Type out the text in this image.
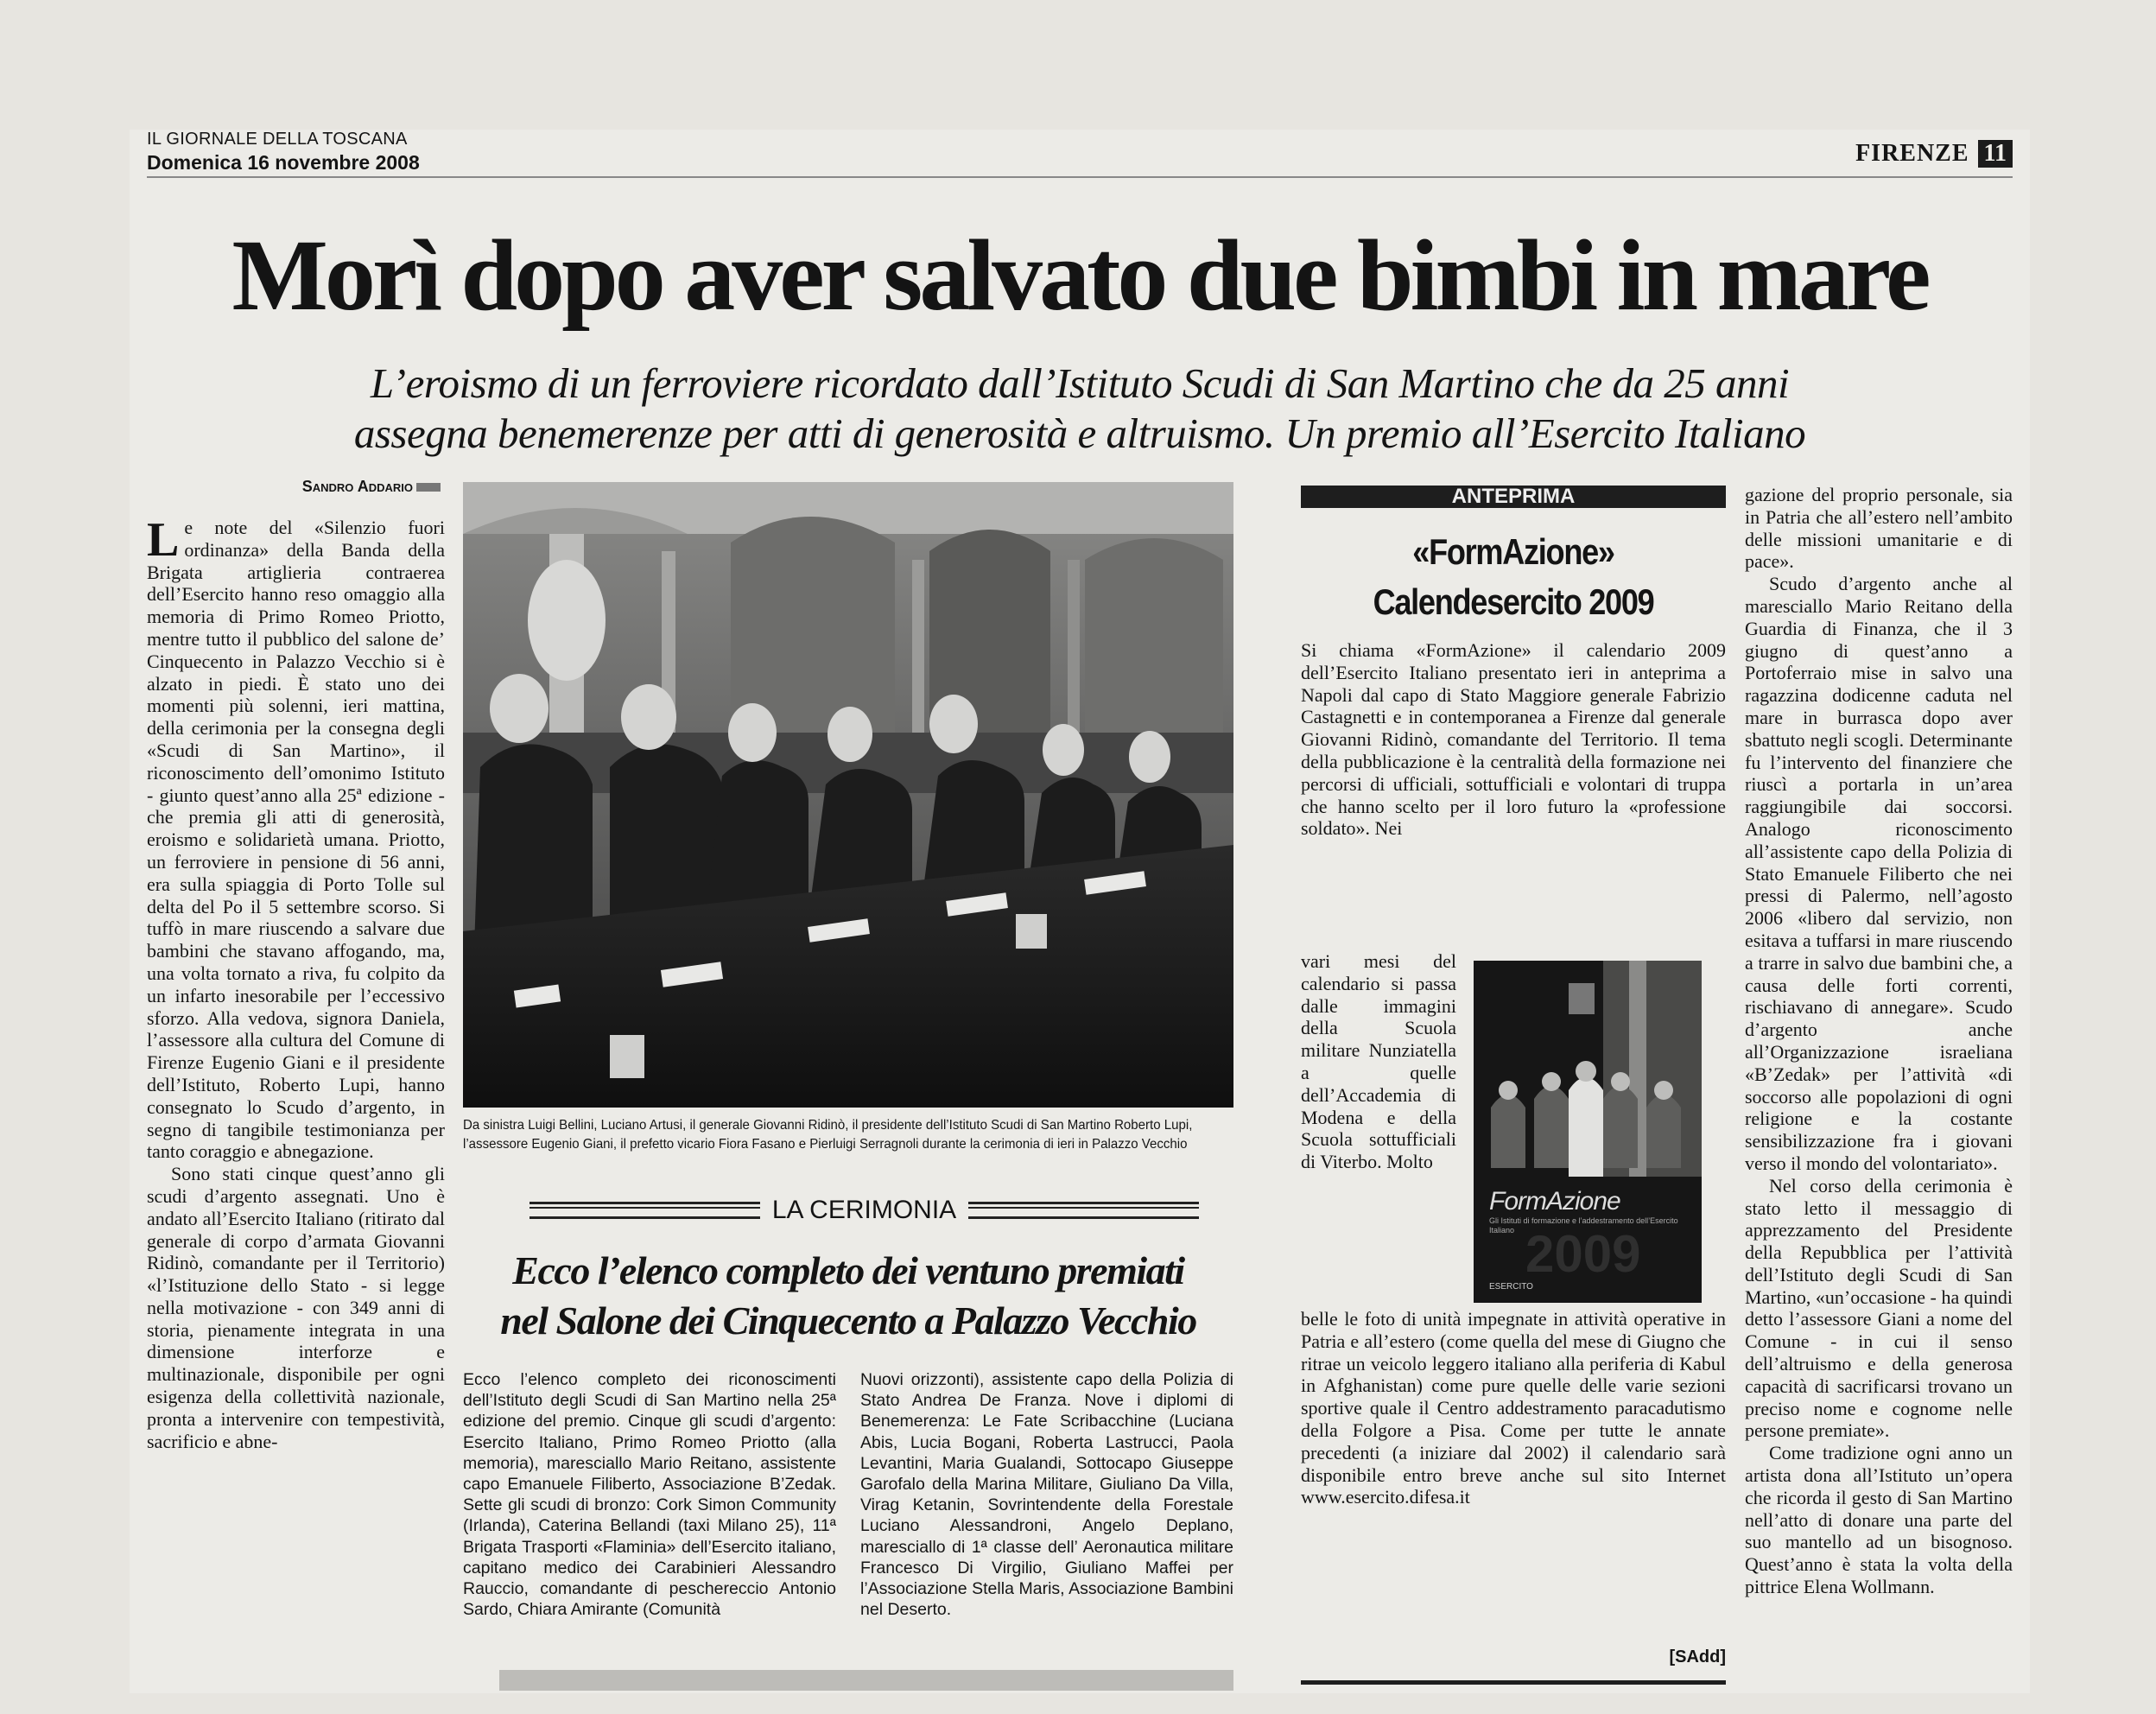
IL GIORNALE DELLA TOSCANA
Domenica 16 novembre 2008	FIRENZE 11
Morì dopo aver salvato due bimbi in mare
L’eroismo di un ferroviere ricordato dall’Istituto Scudi di San Martino che da 25 anni
assegna benemerenze per atti di generosità e altruismo. Un premio all’Esercito Italiano
Sandro Addario

Le note del «Silenzio fuori ordinanza» della Banda della Brigata artiglieria contraerea dell’Esercito hanno reso omaggio alla memoria di Primo Romeo Priotto, mentre tutto il pubblico del salone de’ Cinquecento in Palazzo Vecchio si è alzato in piedi. È stato uno dei momenti più solenni, ieri mattina, della cerimonia per la consegna degli «Scudi di San Martino», il riconoscimento dell’omonimo Istituto - giunto quest’anno alla 25ª edizione - che premia gli atti di generosità, eroismo e solidarietà umana. Priotto, un ferroviere in pensione di 56 anni, era sulla spiaggia di Porto Tolle sul delta del Po il 5 settembre scorso. Si tuffò in mare riuscendo a salvare due bambini che stavano affogando, ma, una volta tornato a riva, fu colpito da un infarto inesorabile per l’eccessivo sforzo. Alla vedova, signora Daniela, l’assessore alla cultura del Comune di Firenze Eugenio Giani e il presidente dell’Istituto, Roberto Lupi, hanno consegnato lo Scudo d’argento, in segno di tangibile testimonianza per tanto coraggio e abnegazione.

Sono stati cinque quest’anno gli scudi d’argento assegnati. Uno è andato all’Esercito Italiano (ritirato dal generale di corpo d’armata Giovanni Ridinò, comandante per il Territorio) «l’Istituzione dello Stato - si legge nella motivazione - con 349 anni di storia, pienamente integrata in una dimensione interforze e multinazionale, disponibile per ogni esigenza della collettività nazionale, pronta a intervenire con tempestività, sacrificio e abne-

Da sinistra Luigi Bellini, Luciano Artusi, il generale Giovanni Ridinò, il presidente dell’Istituto Scudi di San Martino Roberto Lupi, l’assessore Eugenio Giani, il prefetto vicario Fiora Fasano e Pierluigi Serragnoli durante la cerimonia di ieri in Palazzo Vecchio
LA CERIMONIA
Ecco l’elenco completo dei ventuno premiati
nel Salone dei Cinquecento a Palazzo Vecchio

Ecco l’elenco completo dei riconoscimenti dell’Istituto degli Scudi di San Martino nella 25ª edizione del premio. Cinque gli scudi d’argento: Esercito Italiano, Primo Romeo Priotto (alla memoria), maresciallo Mario Reitano, assistente capo Emanuele Filiberto, Associazione B’Zedak. Sette gli scudi di bronzo: Cork Simon Community (Irlanda), Caterina Bellandi (taxi Milano 25), 11ª Brigata Trasporti «Flaminia» dell’Esercito italiano, capitano medico dei Carabinieri Alessandro Rauccio, comandante di peschereccio Antonio Sardo, Chiara Amirante (Comunità

Nuovi orizzonti), assistente capo della Polizia di Stato Andrea De Franza. Nove i diplomi di Benemerenza: Le Fate Scribacchine (Luciana Abis, Lucia Bogani, Roberta Lastrucci, Paola Levantini, Maria Gualandi, Sottocapo Giuseppe Garofalo della Marina Militare, Giuliano Da Villa, Virag Ketanin, Sovrintendente della Forestale Luciano Alessandroni, Angelo Deplano, maresciallo di 1ª classe dell’ Aeronautica militare Francesco Di Virgilio, Giuliano Maffei per l’Associazione Stella Maris, Associazione Bambini nel Deserto.

ANTEPRIMA
«FormAzione»
Calendesercito 2009

Si chiama «FormAzione» il calendario 2009 dell’Esercito Italiano presentato ieri in anteprima a Napoli dal capo di Stato Maggiore generale Fabrizio Castagnetti e in contemporanea a Firenze dal generale Giovanni Ridinò, comandante del Territorio. Il tema della pubblicazione è la centralità della formazione nei percorsi di ufficiali, sottufficiali e volontari di truppa che hanno scelto per il loro futuro la «professione soldato». Nei

vari mesi del calendario si passa dalle immagini della Scuola militare Nunziatella a quelle dell’Accademia di Modena e della Scuola sottufficiali di Viterbo. Molto

2009
FormAzione
Gli Istituti di formazione e l’addestramento dell’Esercito Italiano
ESERCITO

belle le foto di unità impegnate in attività operative in Patria e all’estero (come quella del mese di Giugno che ritrae un veicolo leggero italiano alla periferia di Kabul in Afghanistan) come pure quelle delle varie sezioni sportive quale il Centro addestramento paracadutismo della Folgore a Pisa. Come per tutte le annate precedenti (a iniziare dal 2002) il calendario sarà disponibile entro breve anche sul sito Internet www.esercito.difesa.it

[SAdd]

gazione del proprio personale, sia in Patria che all’estero nell’ambito delle missioni umanitarie e di pace».

Scudo d’argento anche al maresciallo Mario Reitano della Guardia di Finanza, che il 3 giugno di quest’anno a Portoferraio mise in salvo una ragazzina dodicenne caduta nel mare in burrasca dopo aver sbattuto negli scogli. Determinante fu l’intervento del finanziere che riuscì a portarla in un’area raggiungibile dai soccorsi. Analogo riconoscimento all’assistente capo della Polizia di Stato Emanuele Filiberto che nei pressi di Palermo, nell’agosto 2006 «libero dal servizio, non esitava a tuffarsi in mare riuscendo a trarre in salvo due bambini che, a causa delle forti correnti, rischiavano di annegare». Scudo d’argento anche all’Organizzazione israeliana «B’Zedak» per l’attività «di soccorso alle popolazioni di ogni religione e la costante sensibilizzazione fra i giovani verso il mondo del volontariato».

Nel corso della cerimonia è stato letto il messaggio di apprezzamento del Presidente della Repubblica per l’attività dell’Istituto degli Scudi di San Martino, «un’occasione - ha quindi detto l’assessore Giani a nome del Comune - in cui il senso dell’altruismo e della generosa capacità di sacrificarsi trovano un preciso nome e cognome nelle persone premiate».

Come tradizione ogni anno un artista dona all’Istituto un’opera che ricorda il gesto di San Martino nell’atto di donare una parte del suo mantello ad un bisognoso. Quest’anno è stata la volta della pittrice Elena Wollmann.
